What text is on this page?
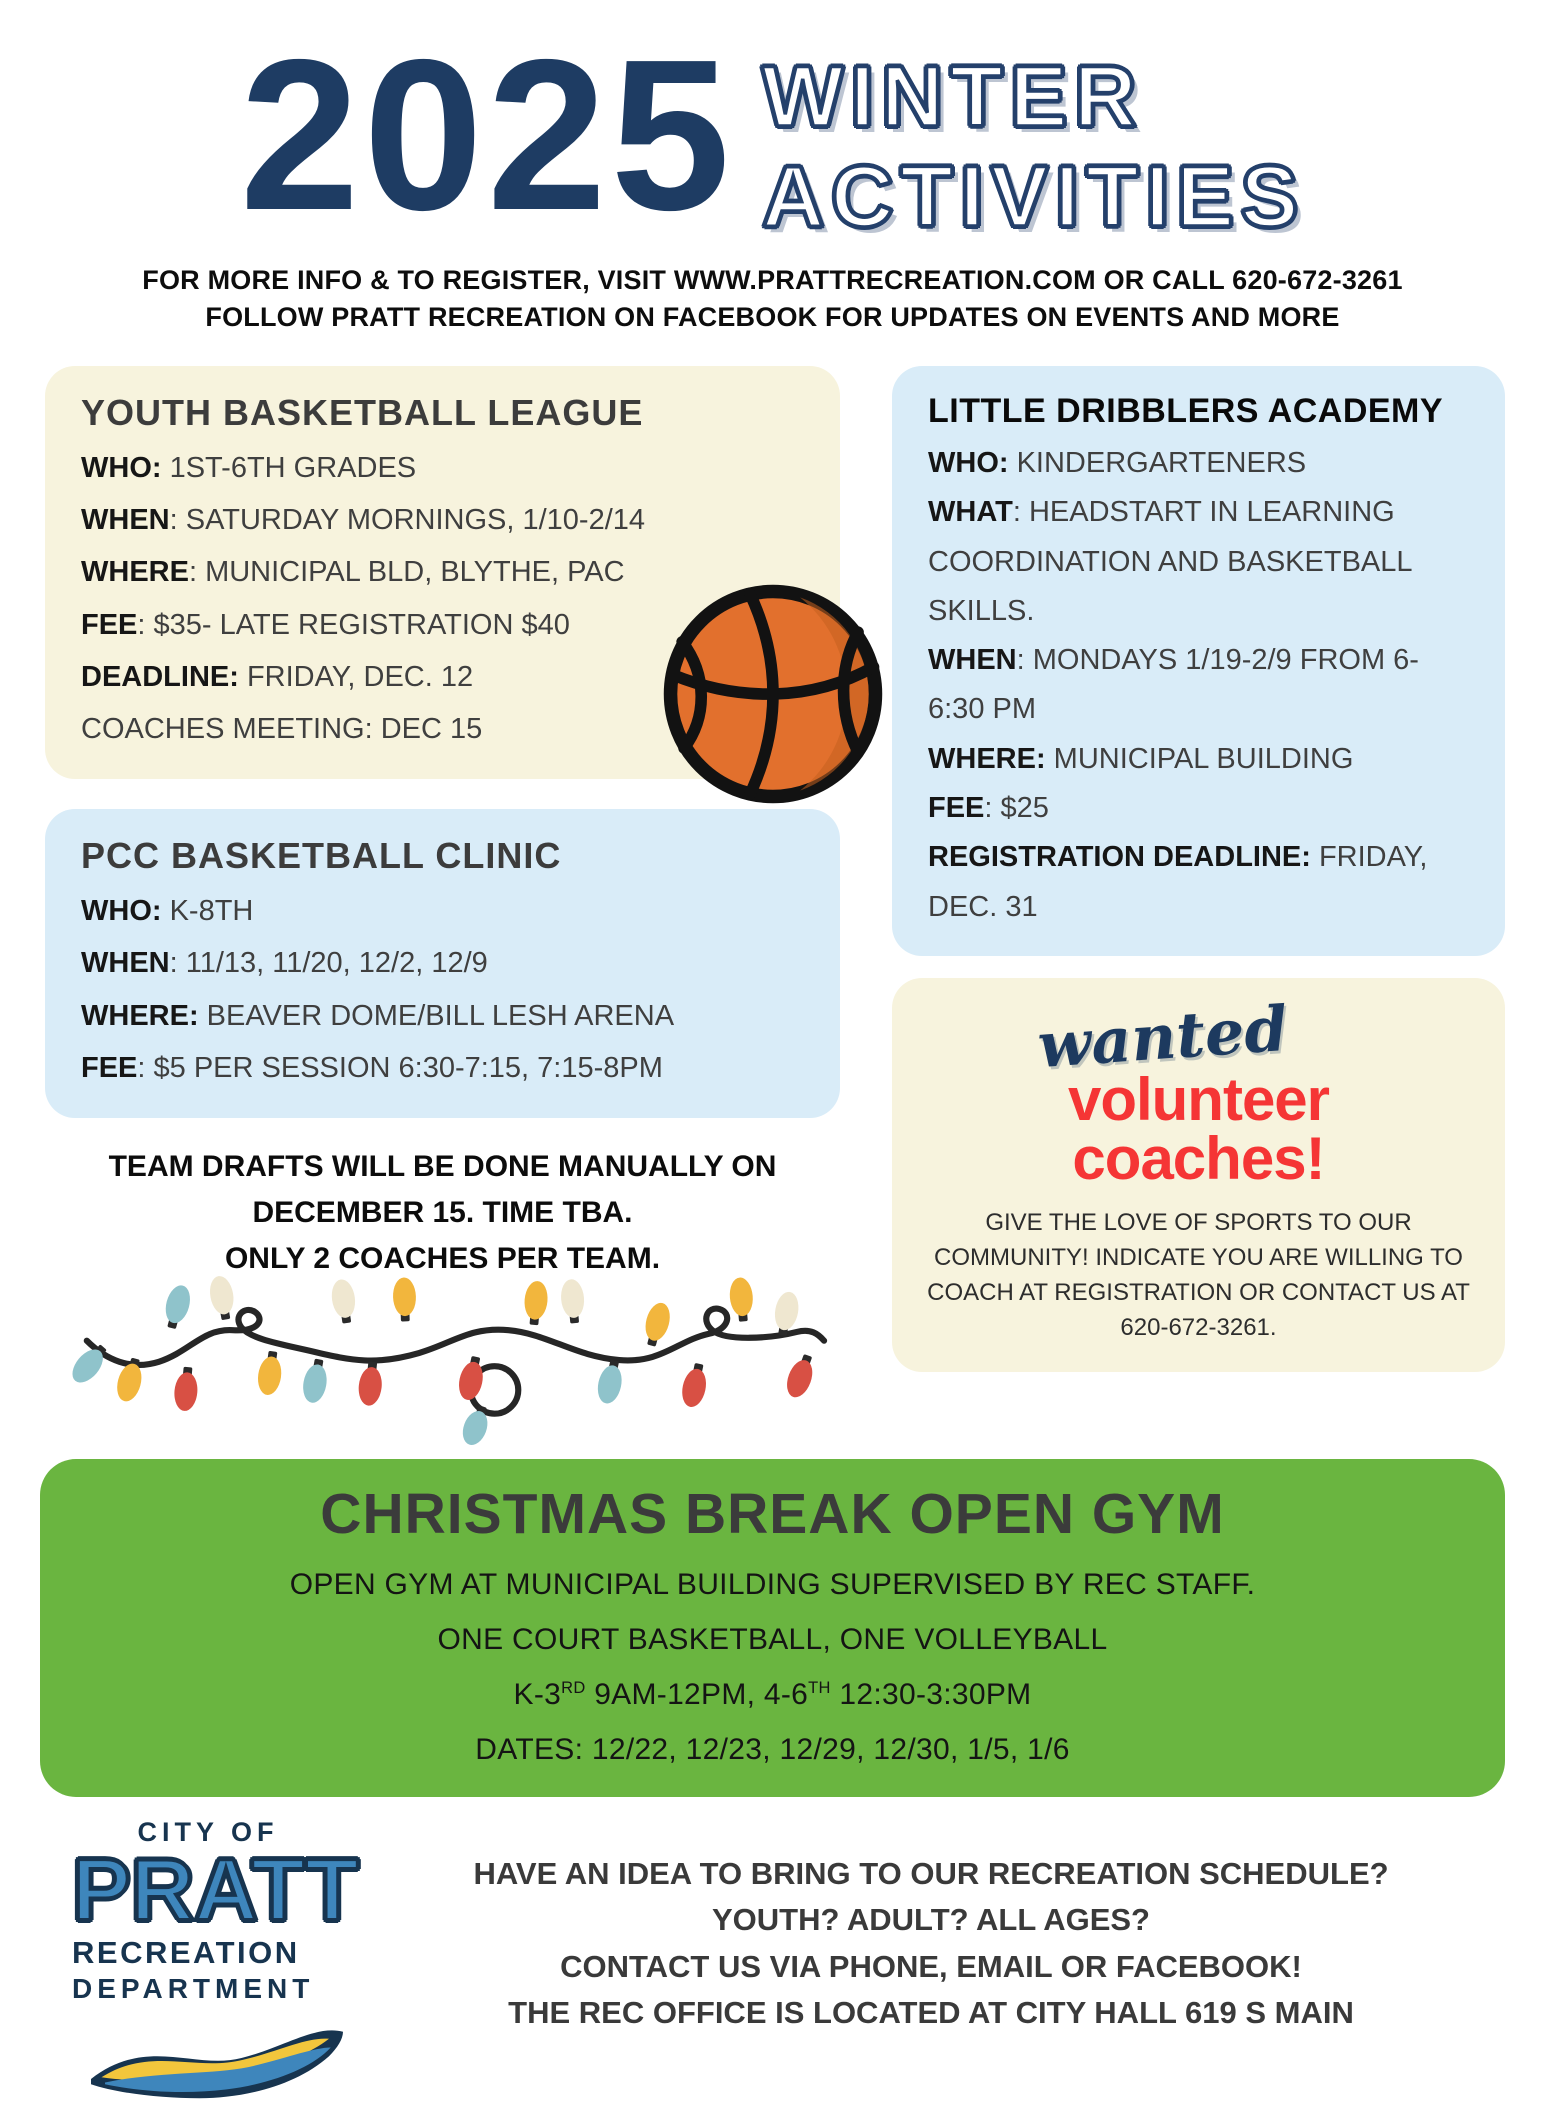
2025 WINTER
ACTIVITIES
FOR MORE INFO & TO REGISTER, VISIT WWW.PRATTRECREATION.COM OR CALL 620-672-3261
FOLLOW PRATT RECREATION ON FACEBOOK FOR UPDATES ON EVENTS AND MORE
YOUTH BASKETBALL LEAGUE
WHO: 1ST-6TH GRADES
WHEN: SATURDAY MORNINGS, 1/10-2/14
WHERE: MUNICIPAL BLD, BLYTHE, PAC
FEE: $35- LATE REGISTRATION $40
DEADLINE: FRIDAY, DEC. 12
COACHES MEETING: DEC 15
PCC BASKETBALL CLINIC
WHO: K-8TH
WHEN: 11/13, 11/20, 12/2, 12/9
WHERE: BEAVER DOME/BILL LESH ARENA
FEE: $5 PER SESSION 6:30-7:15, 7:15-8PM
TEAM DRAFTS WILL BE DONE MANUALLY ON
DECEMBER 15. TIME TBA.
ONLY 2 COACHES PER TEAM.
LITTLE DRIBBLERS ACADEMY
WHO: KINDERGARTENERS
WHAT: HEADSTART IN LEARNING COORDINATION AND BASKETBALL SKILLS.
WHEN: MONDAYS 1/19-2/9 FROM 6-6:30 PM
WHERE: MUNICIPAL BUILDING
FEE: $25
REGISTRATION DEADLINE: FRIDAY, DEC. 31
wanted
volunteer
coaches!
GIVE THE LOVE OF SPORTS TO OUR COMMUNITY! INDICATE YOU ARE WILLING TO COACH AT REGISTRATION OR CONTACT US AT 620-672-3261.
CHRISTMAS BREAK OPEN GYM
OPEN GYM AT MUNICIPAL BUILDING SUPERVISED BY REC STAFF.
ONE COURT BASKETBALL, ONE VOLLEYBALL
K-3RD 9AM-12PM, 4-6TH 12:30-3:30PM
DATES: 12/22, 12/23, 12/29, 12/30, 1/5, 1/6
CITY OF
PRATT
RECREATION
DEPARTMENT
HAVE AN IDEA TO BRING TO OUR RECREATION SCHEDULE?
YOUTH? ADULT? ALL AGES?
CONTACT US VIA PHONE, EMAIL OR FACEBOOK!
THE REC OFFICE IS LOCATED AT CITY HALL 619 S MAIN
